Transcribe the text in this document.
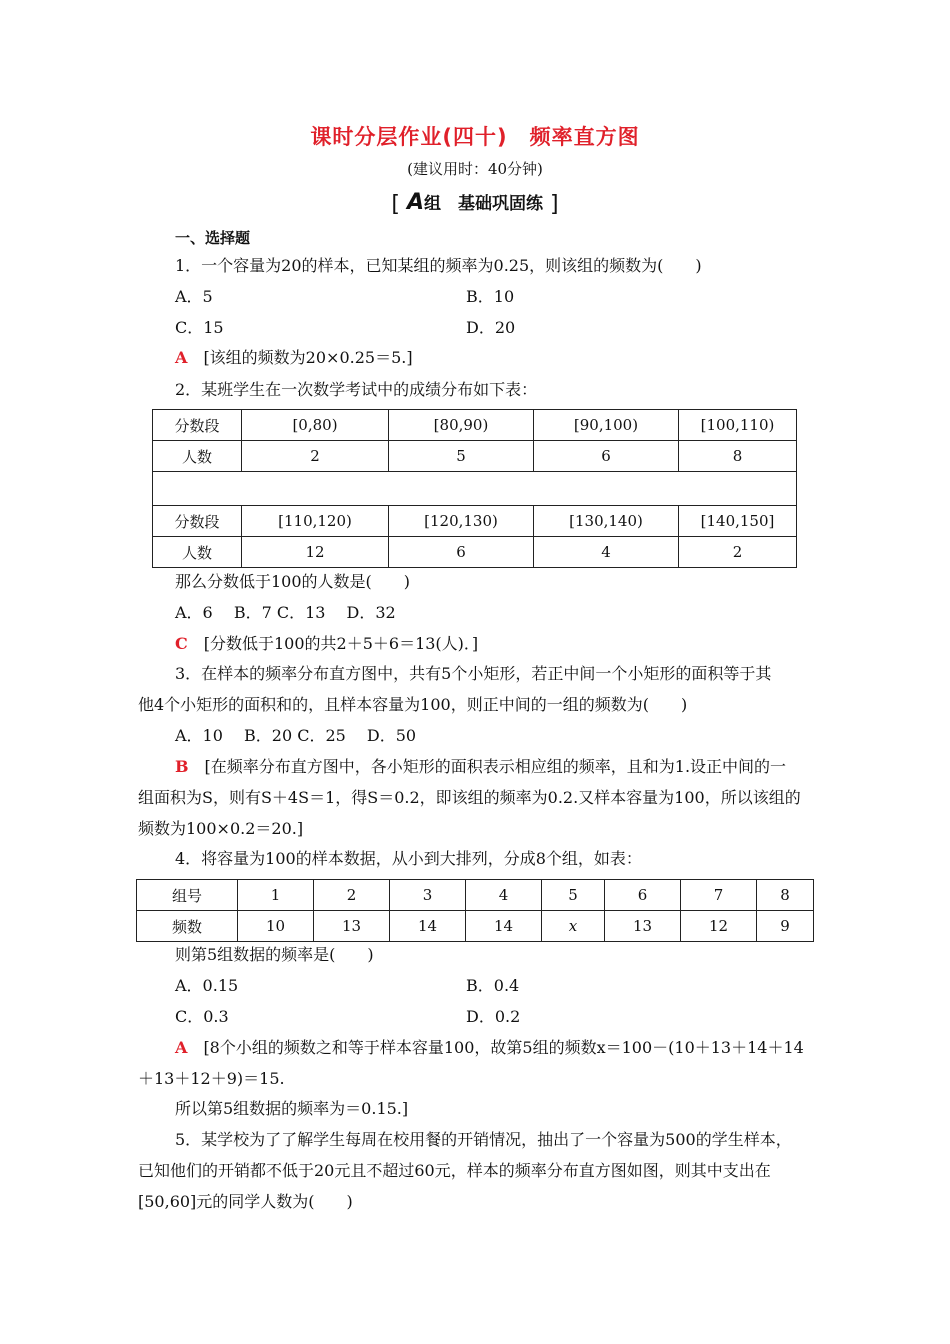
课时分层作业(四十)　频率直方图
(建议用时：40分钟)
[ A组　基础巩固练 ]
一、选择题
1．一个容量为20的样本，已知某组的频率为0.25，则该组的频数为(　　)
A．5	B．10
C．15	D．20
A　 [该组的频数为20×0.25＝5.]
2．某班学生在一次数学考试中的成绩分布如下表：
分数段	[0,80)	[80,90)	[90,100)	[100,110)
人数	2	5	6	8

分数段	[110,120)	[120,130)	[130,140)	[140,150]
人数	12	6	4	2
那么分数低于100的人数是(　　)
A．6　 B．7 C．13　 D．32
C　 [分数低于100的共2＋5＋6＝13(人)．]
3．在样本的频率分布直方图中，共有5个小矩形，若正中间一个小矩形的面积等于其
他4个小矩形的面积和的，且样本容量为100，则正中间的一组的频数为(　　)
A．10　 B．20 C．25　 D．50
B　 [在频率分布直方图中，各小矩形的面积表示相应组的频率，且和为1.设正中间的一
组面积为S，则有S＋4S＝1，得S＝0.2，即该组的频率为0.2.又样本容量为100，所以该组的
频数为100×0.2＝20.]
4．将容量为100的样本数据，从小到大排列，分成8个组，如表：
组号	1	2	3	4	5	6	7	8
频数	10	13	14	14	x	13	12	9
则第5组数据的频率是(　　)
A．0.15	B．0.4
C．0.3	D．0.2
A　 [8个小组的频数之和等于样本容量100，故第5组的频数x＝100－(10＋13＋14＋14
＋13＋12＋9)＝15.
所以第5组数据的频率为＝0.15.]
5．某学校为了了解学生每周在校用餐的开销情况，抽出了一个容量为500的学生样本，
已知他们的开销都不低于20元且不超过60元，样本的频率分布直方图如图，则其中支出在
[50,60]元的同学人数为(　　)
